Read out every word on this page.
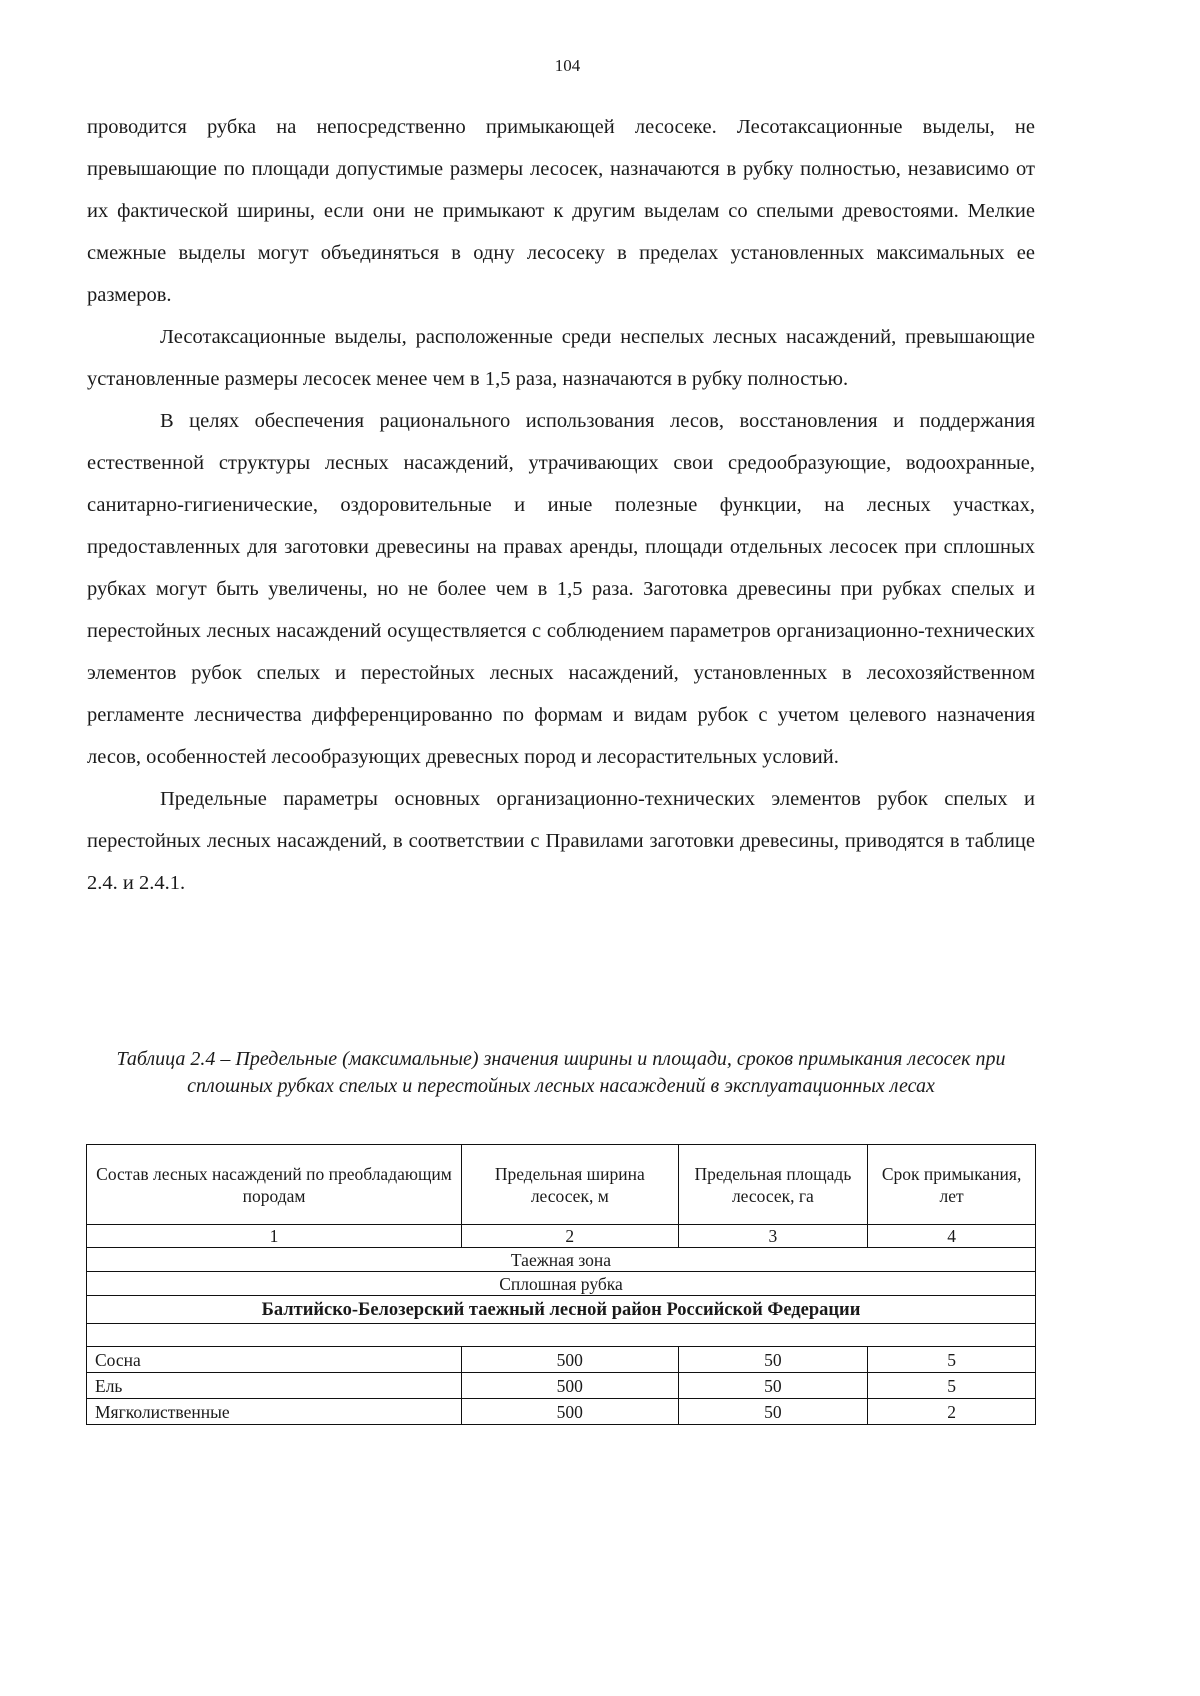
104

проводится рубка на непосредственно примыкающей лесосеке. Лесотаксационные выделы, не превышающие по площади допустимые размеры лесосек, назначаются в рубку полностью, независимо от их фактической ширины, если они не примыкают к другим выделам со спелыми древостоями. Мелкие смежные выделы могут объединяться в одну лесосеку в пределах установленных максимальных ее размеров.

Лесотаксационные выделы, расположенные среди неспелых лесных насаждений, превышающие установленные размеры лесосек менее чем в 1,5 раза, назначаются в рубку полностью.

В целях обеспечения рационального использования лесов, восстановления и поддержания естественной структуры лесных насаждений, утрачивающих свои средообразующие, водоохранные, санитарно-гигиенические, оздоровительные и иные полезные функции, на лесных участках, предоставленных для заготовки древесины на правах аренды, площади отдельных лесосек при сплошных рубках могут быть увеличены, но не более чем в 1,5 раза. Заготовка древесины при рубках спелых и перестойных лесных насаждений осуществляется с соблюдением параметров организационно-технических элементов рубок спелых и перестойных лесных насаждений, установленных в лесохозяйственном регламенте лесничества дифференцированно по формам и видам рубок с учетом целевого назначения лесов, особенностей лесообразующих древесных пород и лесорастительных условий.

Предельные параметры основных организационно-технических элементов рубок спелых и перестойных лесных насаждений, в соответствии с Правилами заготовки древесины, приводятся в таблице 2.4. и 2.4.1.

Таблица 2.4 – Предельные (максимальные) значения ширины и площади, сроков примыкания лесосек при сплошных рубках спелых и перестойных лесных насаждений в эксплуатационных лесах
Состав лесных насаждений по преобладающим породам	Предельная ширина лесосек, м	Предельная площадь лесосек, га	Срок примыкания, лет
1	2	3	4
Таежная зона			
Сплошная рубка			
Балтийско-Белозерский таежный лесной район Российской Федерации			

Сосна	500	50	5
Ель	500	50	5
Мягколиственные	500	50	2
